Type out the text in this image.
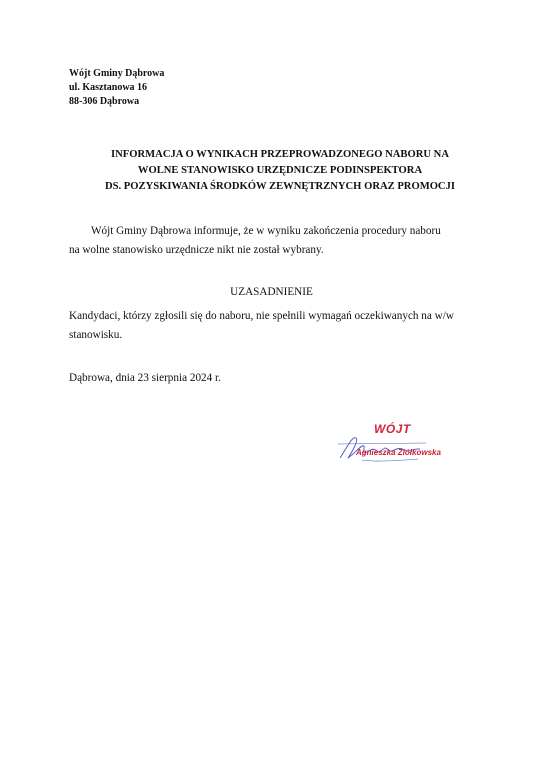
Wójt Gminy Dąbrowa
ul. Kasztanowa 16
88-306 Dąbrowa
INFORMACJA O WYNIKACH PRZEPROWADZONEGO NABORU NA
WOLNE STANOWISKO URZĘDNICZE PODINSPEKTORA
DS. POZYSKIWANIA ŚRODKÓW ZEWNĘTRZNYCH ORAZ PROMOCJI
Wójt Gminy Dąbrowa informuje, że w wyniku zakończenia procedury naboru
na wolne stanowisko urzędnicze nikt nie został wybrany.
UZASADNIENIE
Kandydaci, którzy zgłosili się do naboru, nie spełnili wymagań oczekiwanych na w/w
stanowisku.
Dąbrowa, dnia 23 sierpnia 2024 r.
WÓJT
Agnieszka Ziółkowska
